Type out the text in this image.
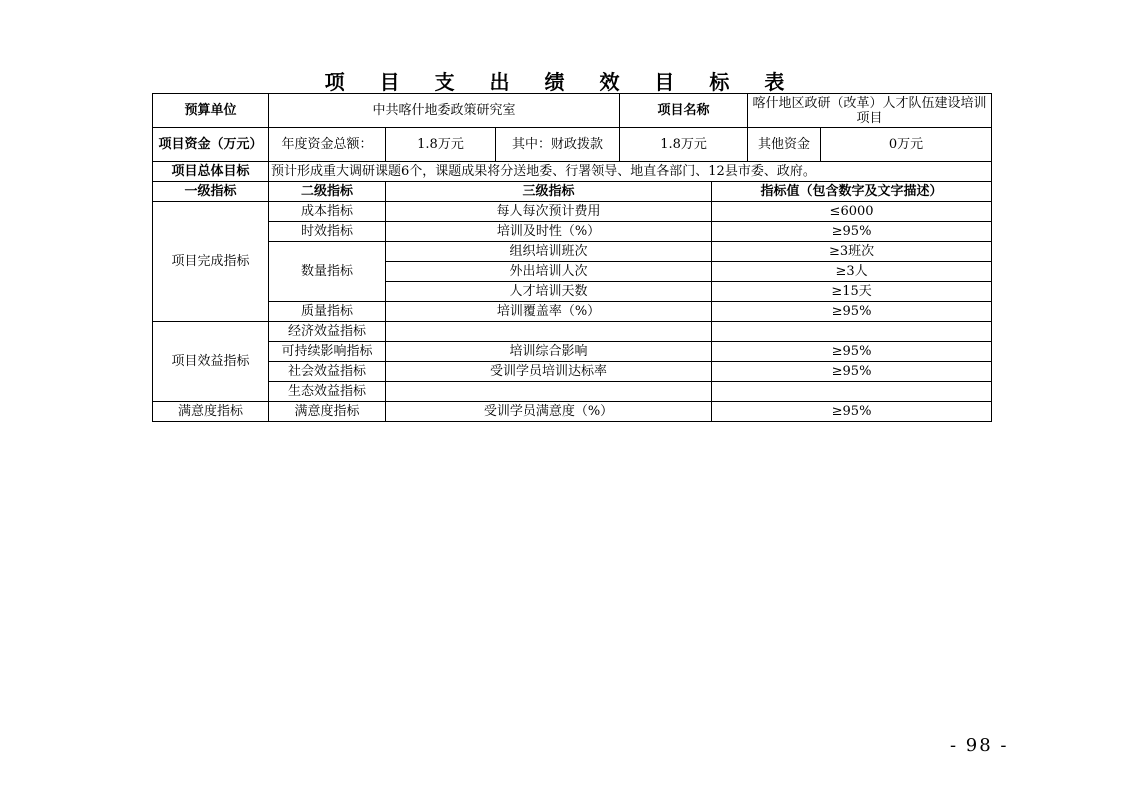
项 目 支 出 绩 效 目 标 表
预算单位	中共喀什地委政策研究室			项目名称		喀什地区政研（改革）人才队伍建设培训项目	
项目资金（万元）	年度资金总额：	1.8万元	其中：财政拨款	1.8万元		其他资金	0万元
项目总体目标	预计形成重大调研课题6个，课题成果将分送地委、行署领导、地直各部门、12县市委、政府。						
一级指标	二级指标	三级指标			指标值（包含数字及文字描述）		
项目完成指标	成本指标	每人每次预计费用			≤6000		
	时效指标	培训及时性（%）			≥95%		
	数量指标	组织培训班次			≥3班次		
		外出培训人次			≥3人		
		人才培训天数			≥15天		
	质量指标	培训覆盖率（%）			≥95%		
项目效益指标	经济效益指标						
	可持续影响指标	培训综合影响			≥95%		
	社会效益指标	受训学员培训达标率			≥95%		
	生态效益指标						
满意度指标	满意度指标	受训学员满意度（%）			≥95%		
- 98 -
